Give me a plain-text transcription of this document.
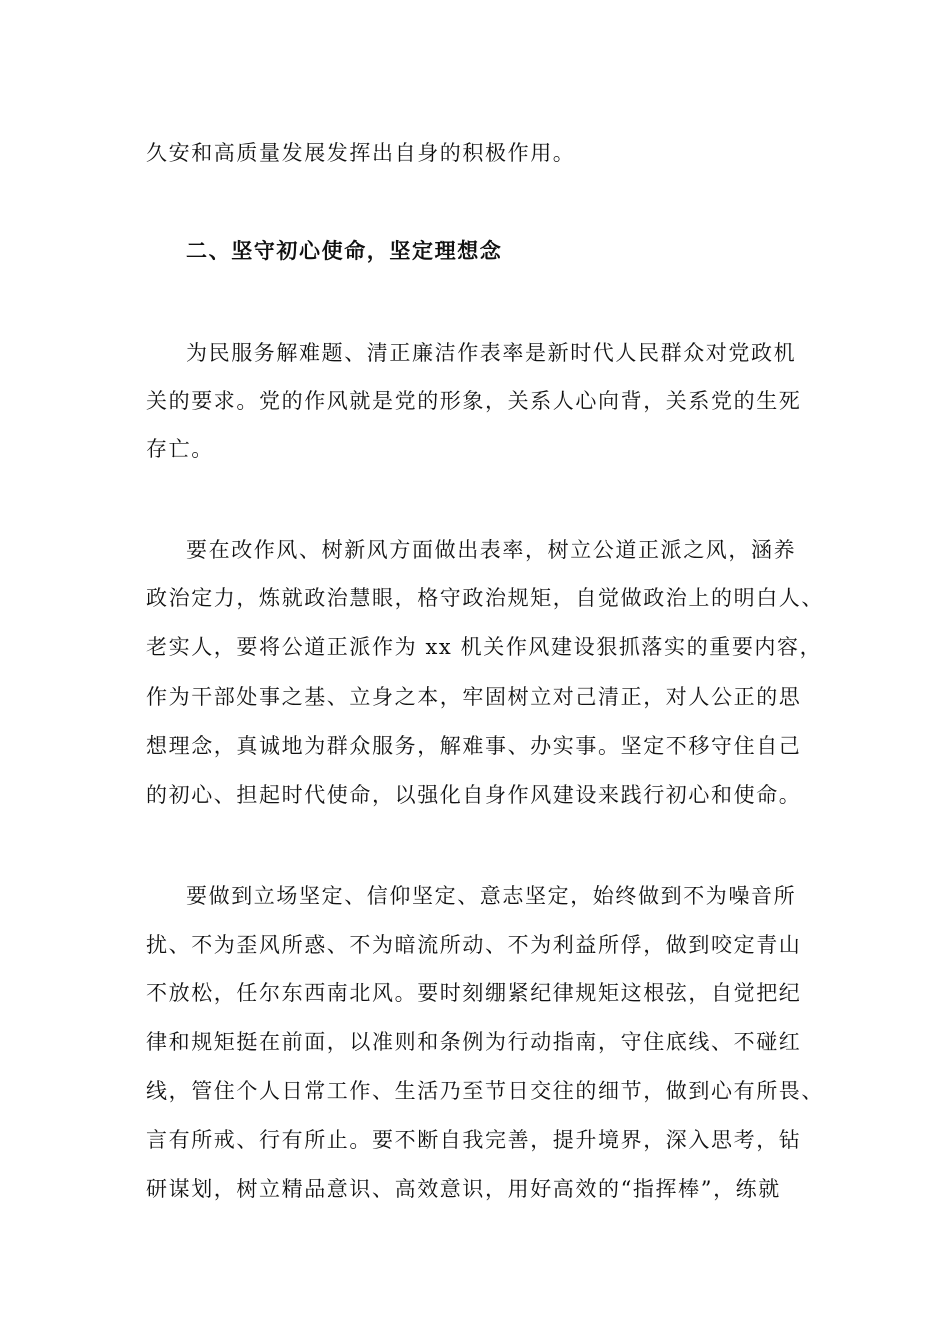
久安和高质量发展发挥出自身的积极作用。
二、坚守初心使命，坚定理想念
为民服务解难题、清正廉洁作表率是新时代人民群众对党政机
关的要求。党的作风就是党的形象，关系人心向背，关系党的生死
存亡。
要在改作风、树新风方面做出表率，树立公道正派之风，涵养
政治定力，炼就政治慧眼，格守政治规矩，自觉做政治上的明白人、
老实人，要将公道正派作为 xx 机关作风建设狠抓落实的重要内容，
作为干部处事之基、立身之本，牢固树立对己清正，对人公正的思
想理念，真诚地为群众服务，解难事、办实事。坚定不移守住自己
的初心、担起时代使命，以强化自身作风建设来践行初心和使命。
要做到立场坚定、信仰坚定、意志坚定，始终做到不为噪音所
扰、不为歪风所惑、不为暗流所动、不为利益所俘，做到咬定青山
不放松，任尔东西南北风。要时刻绷紧纪律规矩这根弦，自觉把纪
律和规矩挺在前面，以准则和条例为行动指南，守住底线、不碰红
线，管住个人日常工作、生活乃至节日交往的细节，做到心有所畏、
言有所戒、行有所止。要不断自我完善，提升境界，深入思考，钻
研谋划，树立精品意识、高效意识，用好高效的“指挥棒”，练就
